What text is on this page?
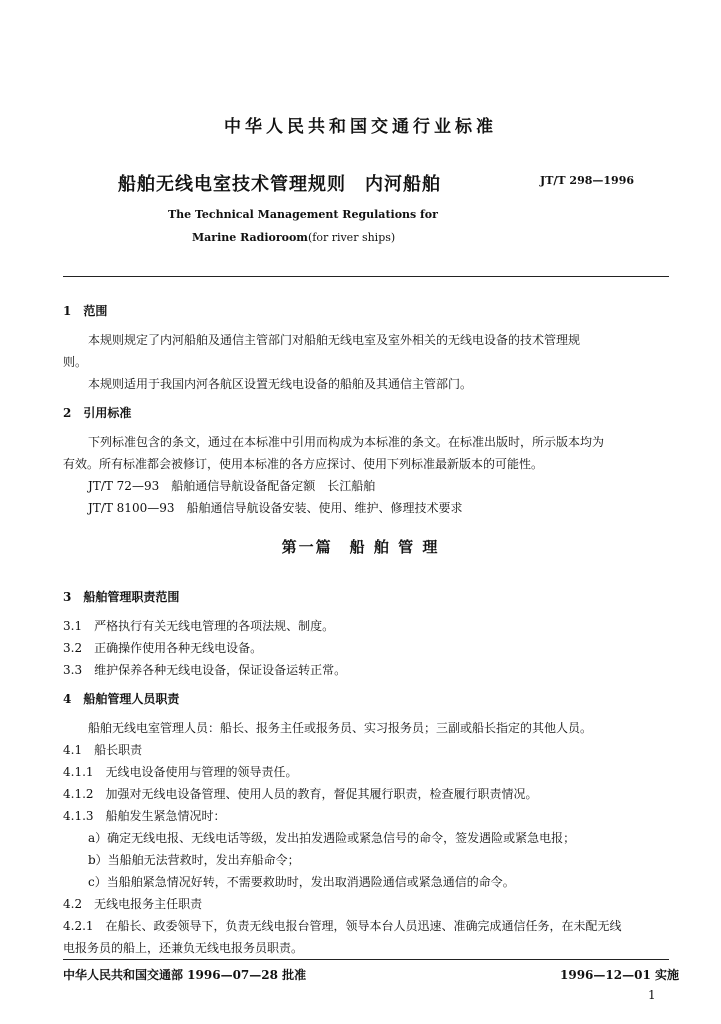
中华人民共和国交通行业标准
船舶无线电室技术管理规则　内河船舶	JT/T 298—1996
The Technical Management Regulations for
Marine Radioroom(for river ships)
1　范围
本规则规定了内河船舶及通信主管部门对船舶无线电室及室外相关的无线电设备的技术管理规
则。
本规则适用于我国内河各航区设置无线电设备的船舶及其通信主管部门。
2　引用标准
下列标准包含的条文，通过在本标准中引用而构成为本标准的条文。在标准出版时，所示版本均为
有效。所有标准都会被修订，使用本标准的各方应探讨、使用下列标准最新版本的可能性。
JT/T 72—93　船舶通信导航设备配备定额　长江船舶
JT/T 8100—93　船舶通信导航设备安装、使用、维护、修理技术要求
第一篇　船 舶 管 理
3　船舶管理职责范围
3.1　严格执行有关无线电管理的各项法规、制度。
3.2　正确操作使用各种无线电设备。
3.3　维护保养各种无线电设备，保证设备运转正常。
4　船舶管理人员职责
船舶无线电室管理人员：船长、报务主任或报务员、实习报务员；三副或船长指定的其他人员。
4.1　船长职责
4.1.1　无线电设备使用与管理的领导责任。
4.1.2　加强对无线电设备管理、使用人员的教育，督促其履行职责，检查履行职责情况。
4.1.3　船舶发生紧急情况时：
a）确定无线电报、无线电话等级，发出拍发遇险或紧急信号的命令，签发遇险或紧急电报；
b）当船舶无法营救时，发出弃船命令；
c）当船舶紧急情况好转，不需要救助时，发出取消遇险通信或紧急通信的命令。
4.2　无线电报务主任职责
4.2.1　在船长、政委领导下，负责无线电报台管理，领导本台人员迅速、准确完成通信任务，在未配无线
电报务员的船上，还兼负无线电报务员职责。
中华人民共和国交通部 1996—07—28 批准	1996—12—01 实施
1
